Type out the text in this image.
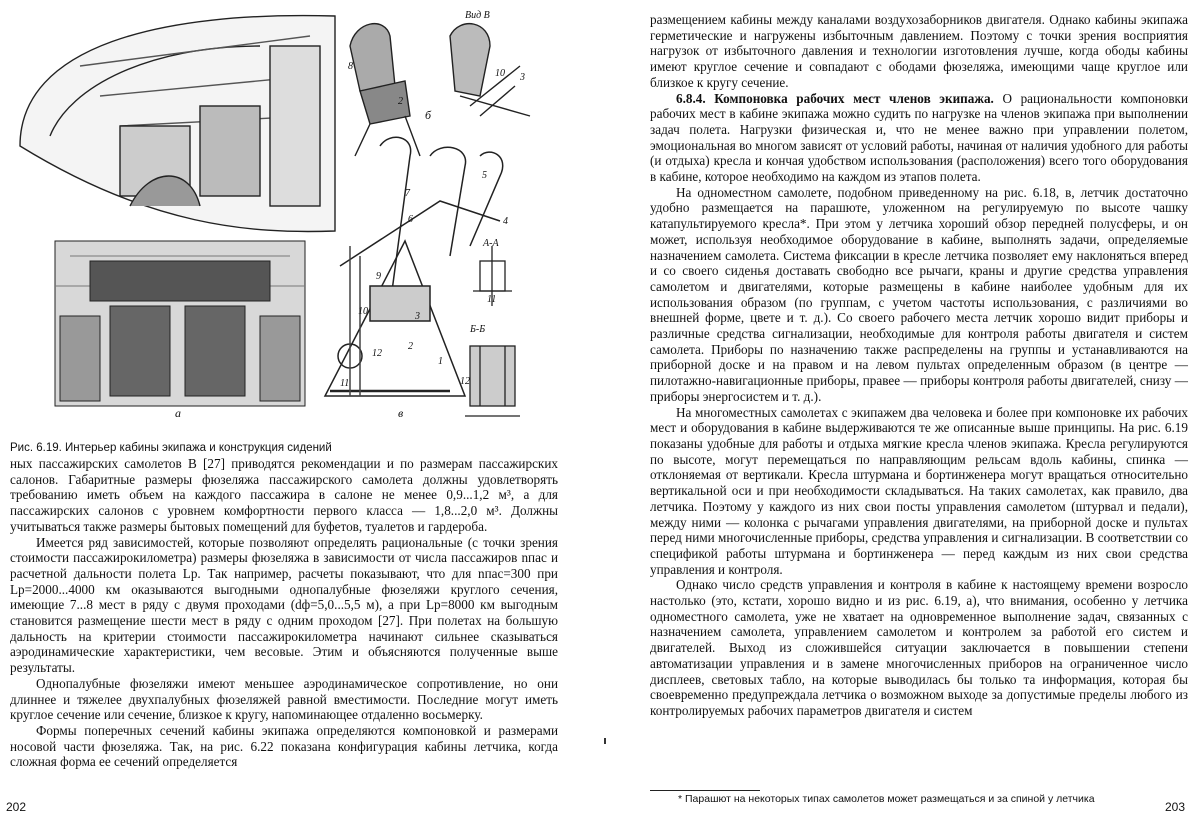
а
б
в
Вид В
А-А
Б-Б
1
2
2
3
3
4
5
6
7
8
9
10
10
11
11
12
12
Рис. 6.19. Интерьер кабины экипажа и конструкция сидений

ных пассажирских самолетов В [27] приводятся рекомендации и по размерам пассажирских салонов. Габаритные размеры фюзеляжа пассажирского самолета должны удовлетворять требованию иметь объем на каждого пассажира в салоне не менее 0,9...1,2 м³, а для пассажирских салонов с уровнем комфортности первого класса — 1,8...2,0 м³. Должны учитываться также размеры бытовых помещений для буфетов, туалетов и гардероба.

Имеется ряд зависимостей, которые позволяют определять рациональные (с точки зрения стоимости пассажирокилометра) размеры фюзеляжа в зависимости от числа пассажиров nпас и расчетной дальности полета Lр. Так например, расчеты показывают, что для nпас=300 при Lр=2000...4000 км оказываются выгодными однопалубные фюзеляжи круглого сечения, имеющие 7...8 мест в ряду с двумя проходами (dф=5,0...5,5 м), а при Lр=8000 км выгодным становится размещение шести мест в ряду с одним проходом [27]. При полетах на большую дальность на критерии стоимости пассажирокилометра начинают сильнее сказываться аэродинамические характеристики, чем весовые. Этим и объясняются полученные выше результаты.

Однопалубные фюзеляжи имеют меньшее аэродинамическое сопротивление, но они длиннее и тяжелее двухпалубных фюзеляжей равной вместимости. Последние могут иметь круглое сечение или сечение, близкое к кругу, напоминающее отдаленно восьмерку.

Формы поперечных сечений кабины экипажа определяются компоновкой и размерами носовой части фюзеляжа. Так, на рис. 6.22 показана конфигурация кабины летчика, когда сложная форма ее сечений определяется

202

размещением кабины между каналами воздухозаборников двигателя. Однако кабины экипажа герметические и нагружены избыточным давлением. Поэтому с точки зрения восприятия нагрузок от избыточного давления и технологии изготовления лучше, когда ободы кабины имеют круглое сечение и совпадают с ободами фюзеляжа, имеющими чаще круглое или близкое к кругу сечение.

6.8.4. Компоновка рабочих мест членов экипажа. О рациональности компоновки рабочих мест в кабине экипажа можно судить по нагрузке на членов экипажа при выполнении задач полета. Нагрузки физическая и, что не менее важно при управлении полетом, эмоциональная во многом зависят от условий работы, начиная от наличия удобного для работы (и отдыха) кресла и кончая удобством использования (расположения) всего того оборудования в кабине, которое необходимо на каждом из этапов полета.

На одноместном самолете, подобном приведенному на рис. 6.18, в, летчик достаточно удобно размещается на парашюте, уложенном на регулируемую по высоте чашку катапультируемого кресла*. При этом у летчика хороший обзор передней полусферы, и он может, используя необходимое оборудование в кабине, выполнять задачи, определяемые назначением самолета. Система фиксации в кресле летчика позволяет ему наклоняться вперед и со своего сиденья доставать свободно все рычаги, краны и другие средства управления самолетом и двигателями, которые размещены в кабине наиболее удобным для их использования образом (по группам, с учетом частоты использования, с различиями во внешней форме, цвете и т. д.). Со своего рабочего места летчик хорошо видит приборы и различные средства сигнализации, необходимые для контроля работы двигателя и систем самолета. Приборы по назначению также распределены на группы и устанавливаются на приборной доске и на правом и на левом пультах определенным образом (в центре — пилотажно-навигационные приборы, правее — приборы контроля работы двигателей, снизу — приборы энергосистем и т. д.).

На многоместных самолетах с экипажем два человека и более при компоновке их рабочих мест и оборудования в кабине выдерживаются те же описанные выше принципы. На рис. 6.19 показаны удобные для работы и отдыха мягкие кресла членов экипажа. Кресла регулируются по высоте, могут перемещаться по направляющим рельсам вдоль кабины, спинка — отклоняемая от вертикали. Кресла штурмана и бортинженера могут вращаться относительно вертикальной оси и при необходимости складываться. На таких самолетах, как правило, два летчика. Поэтому у каждого из них свои посты управления самолетом (штурвал и педали), между ними — колонка с рычагами управления двигателями, на приборной доске и пультах перед ними многочисленные приборы, средства управления и сигнализации. В соответствии со спецификой работы штурмана и бортинженера — перед каждым из них свои средства управления и контроля.

Однако число средств управления и контроля в кабине к настоящему времени возросло настолько (это, кстати, хорошо видно и из рис. 6.19, а), что внимания, особенно у летчика одноместного самолета, уже не хватает на одновременное выполнение задач, связанных с назначением самолета, управлением самолетом и контролем за работой его систем и двигателей. Выход из сложившейся ситуации заключается в повышении степени автоматизации управления и в замене многочисленных приборов на ограниченное число дисплеев, световых табло, на которые выводилась бы только та информация, которая бы своевременно предупреждала летчика о возможном выходе за допустимые пределы любого из контролируемых рабочих параметров двигателя и систем

* Парашют на некоторых типах самолетов может размещаться и за спиной у летчика
203
